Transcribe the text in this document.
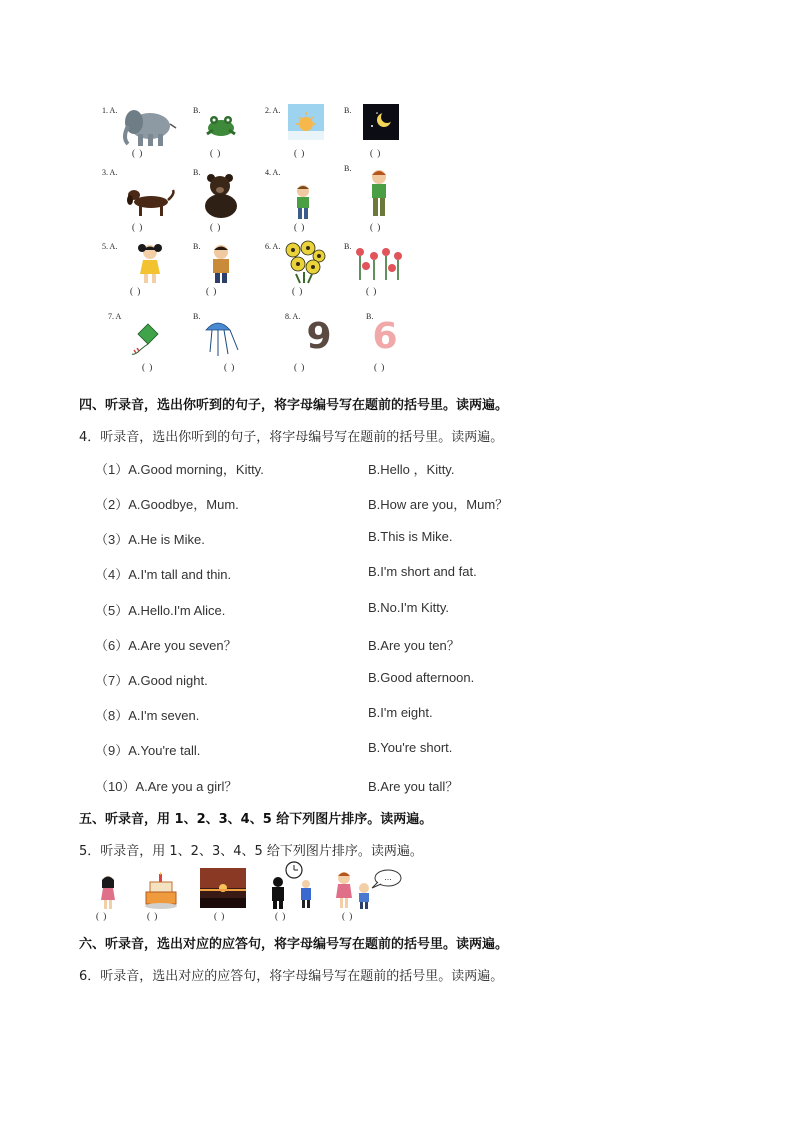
1. A.
( )
B.
( )
2. A.
( )
B.
( )
3. A.
( )
B.
( )
4. A.
( )
B.
( )
5. A.
( )
B.
( )
6. A.
( )
B.
( )
7. A
( )
B.
( )
8. A. 9
( )
B. 6
( )
四、听录音，选出你听到的句子，将字母编号写在题前的括号里。读两遍。
4．听录音，选出你听到的句子，将字母编号写在题前的括号里。读两遍。
（1）A.Good morning，Kitty.	B.Hello ，Kitty.
（2）A.Goodbye，Mum.	B.How are you，Mum？
（3）A.He is Mike.	B.This is Mike.
（4）A.I'm tall and thin.	B.I'm short and fat.
（5）A.Hello.I'm Alice.	B.No.I'm Kitty.
（6）A.Are you seven？	B.Are you ten？
（7）A.Good night.	B.Good afternoon.
（8）A.I'm seven.	B.I'm eight.
（9）A.You're tall.	B.You're short.
（10）A.Are you a girl？	B.Are you tall？
五、听录音，用 1、2、3、4、5 给下列图片排序。读两遍。
5．听录音，用 1、2、3、4、5 给下列图片排序。读两遍。
( )	( )	( )	( )
...
( )
六、听录音，选出对应的应答句，将字母编号写在题前的括号里。读两遍。
6．听录音，选出对应的应答句，将字母编号写在题前的括号里。读两遍。
